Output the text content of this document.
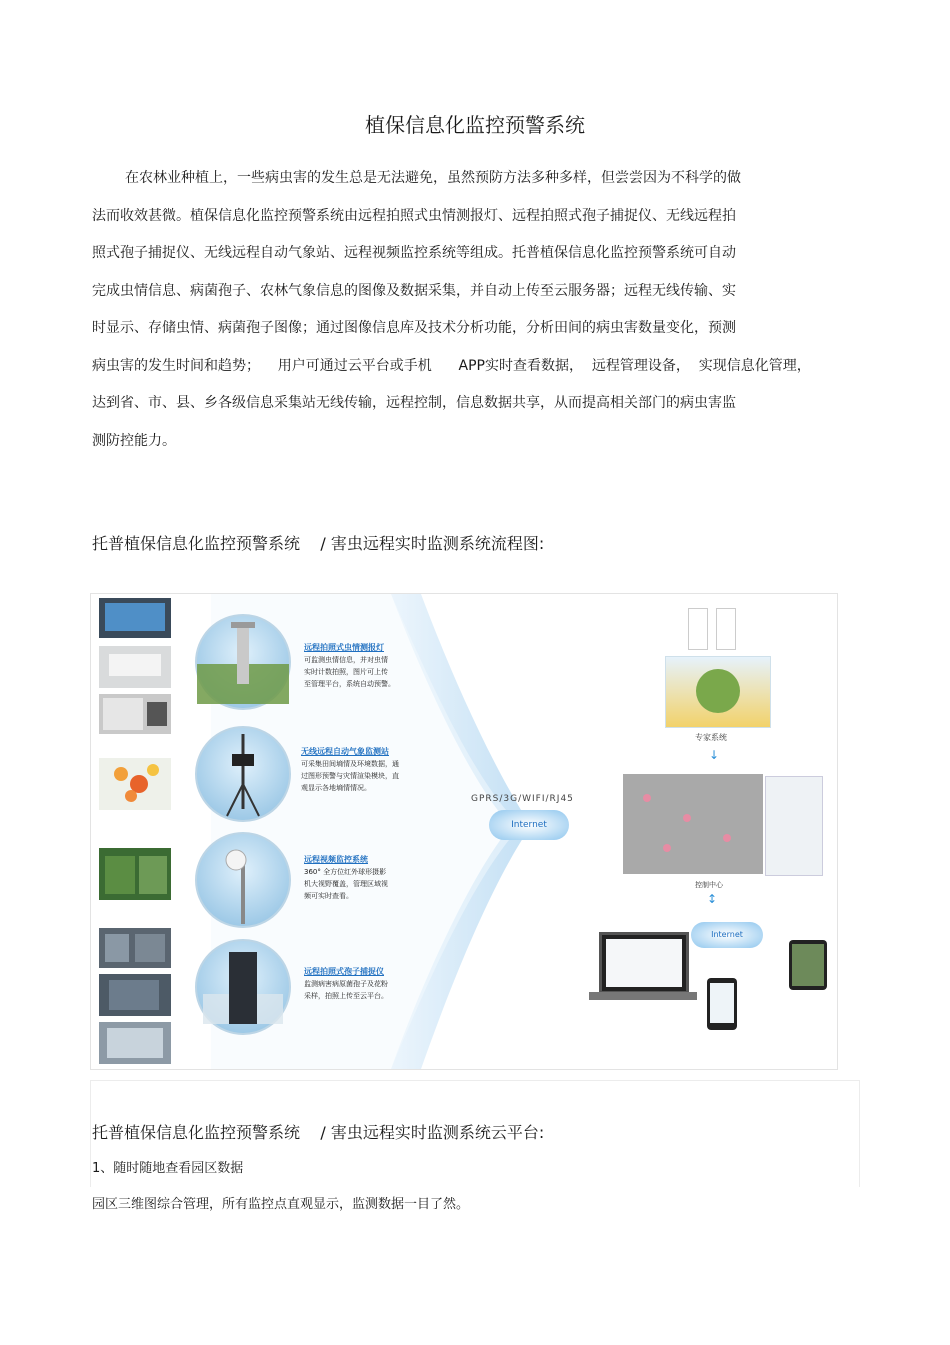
植保信息化监控预警系统
在农林业种植上，一些病虫害的发生总是无法避免，虽然预防方法多种多样，但尝尝因为不科学的做
法而收效甚微。植保信息化监控预警系统由远程拍照式虫情测报灯、远程拍照式孢子捕捉仪、无线远程拍
照式孢子捕捉仪、无线远程自动气象站、远程视频监控系统等组成。托普植保信息化监控预警系统可自动
完成虫情信息、病菌孢子、农林气象信息的图像及数据采集，并自动上传至云服务器；远程无线传输、实
时显示、存储虫情、病菌孢子图像；通过图像信息库及技术分析功能，分析田间的病虫害数量变化，预测
病虫害的发生时间和趋势；    用户可通过云平台或手机      APP实时查看数据，  远程管理设备，  实现信息化管理，
达到省、市、县、乡各级信息采集站无线传输，远程控制，信息数据共享，从而提高相关部门的病虫害监
测防控能力。
托普植保信息化监控预警系统    / 害虫远程实时监测系统流程图:
远程拍照式虫情测报灯
可监测虫情信息，并对虫情
实时计数拍照，图片可上传
至管理平台，系统自动预警。
无线远程自动气象监测站
可采集田间墒情及环境数据，通
过图形预警与灾情渲染模块，直
观显示各地墒情情况。
远程视频监控系统
360° 全方位红外球形摄影
机大视野覆盖，管理区域视
频可实时查看。
远程拍照式孢子捕捉仪
监测病害病原菌孢子及花粉
采样，拍照上传至云平台。
GPRS/3G/WIFI/RJ45
Internet
专家系统
↓
控制中心
↕
Internet
托普植保信息化监控预警系统    / 害虫远程实时监测系统云平台:
1、随时随地查看园区数据
园区三维图综合管理，所有监控点直观显示，监测数据一目了然。
